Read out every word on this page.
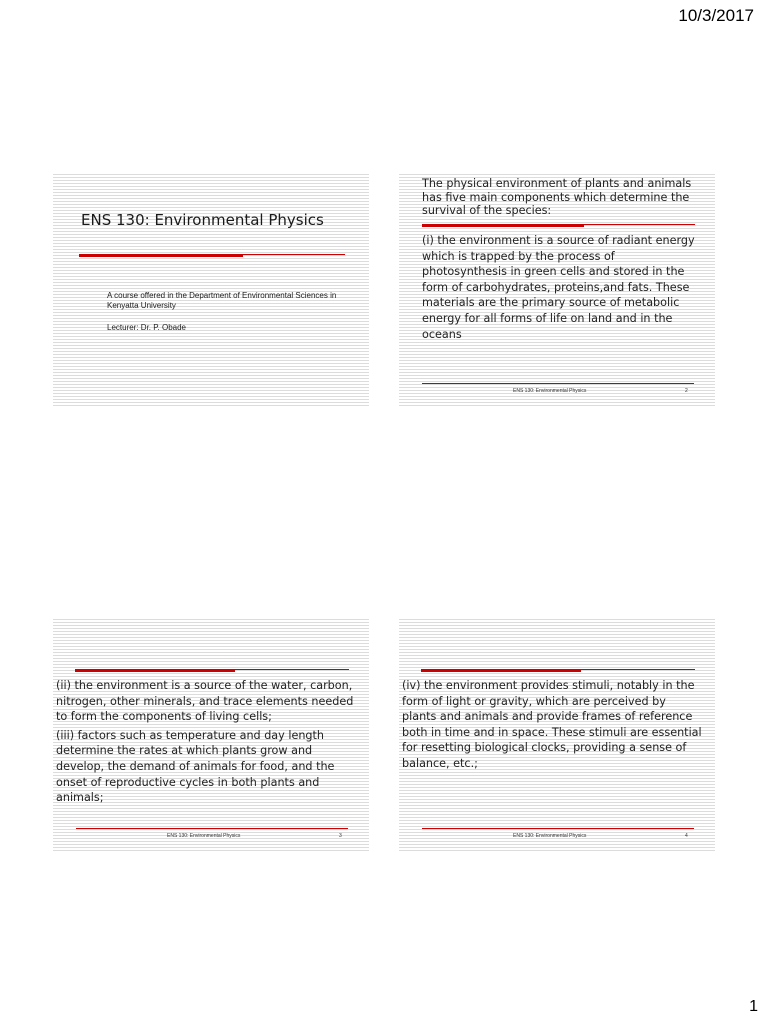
10/3/2017
ENS 130: Environmental Physics
A course offered in the Department of Environmental Sciences in Kenyatta University
Lecturer: Dr. P. Obade
The physical environment of plants and animals has five main components which determine the survival of the species:
(i) the environment is a source of radiant energy which is trapped by the process of photosynthesis in green cells and stored in the form of carbohydrates, proteins,and fats. These materials are the primary source of metabolic energy for all forms of life on land and in the oceans
ENS 130: Environmental Physics	2

(ii) the environment is a source of the water, carbon, nitrogen, other minerals, and trace elements needed to form the components of living cells;

(iii) factors such as temperature and day length determine the rates at which plants grow and develop, the demand of animals for food, and the onset of reproductive cycles in both plants and animals;

ENS 130: Environmental Physics	3
(iv) the environment provides stimuli, notably in the form of light or gravity, which are perceived by plants and animals and provide frames of reference both in time and in space. These stimuli are essential for resetting biological clocks, providing a sense of balance, etc.;
ENS 130: Environmental Physics	4
1
